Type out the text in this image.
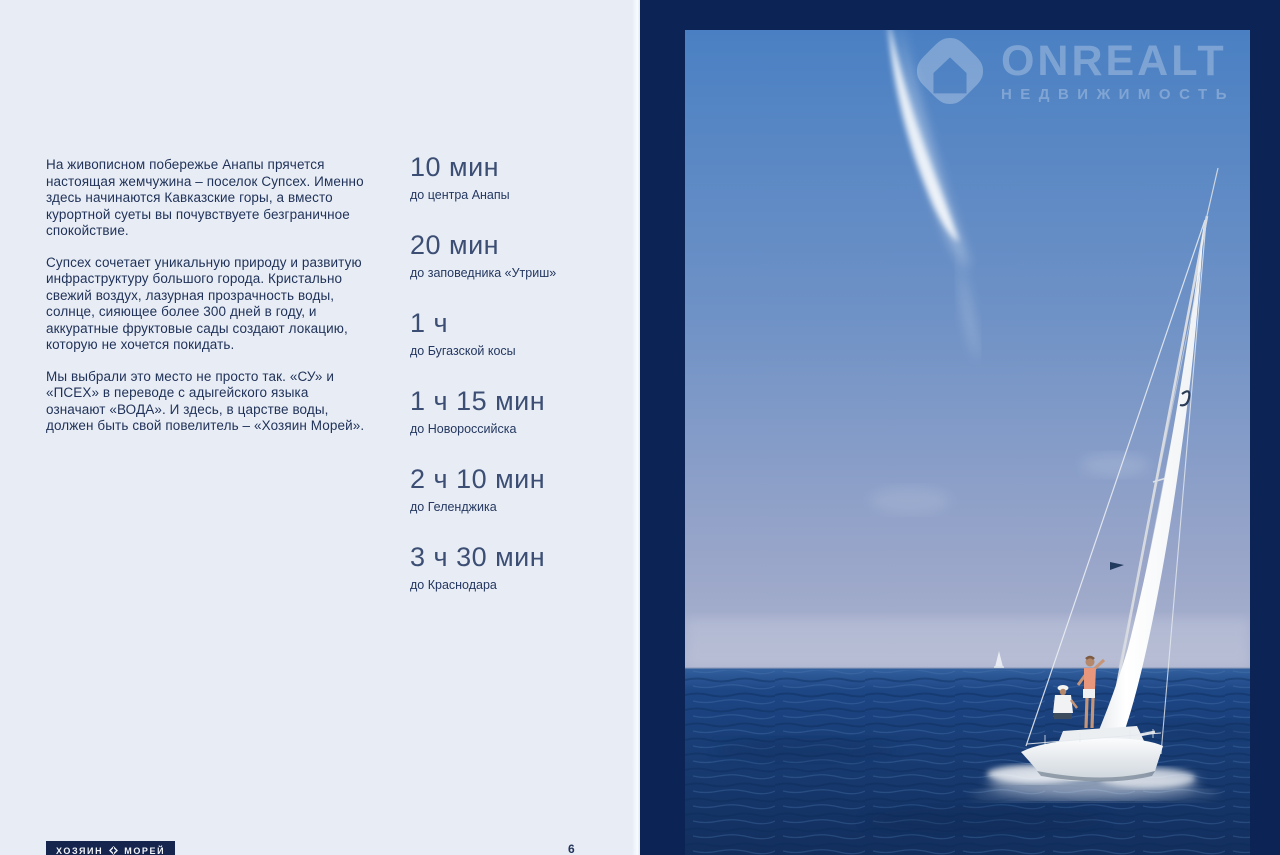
На живописном побережье Анапы прячется настоящая жемчужина – поселок Супсех. Именно здесь начинаются Кавказские горы, а вместо курортной суеты вы почувствуете безграничное спокойствие.

Супсех сочетает уникальную природу и развитую инфраструктуру большого города. Кристально свежий воздух, лазурная прозрачность воды, солнце, сияющее более 300 дней в году, и аккуратные фруктовые сады создают локацию, которую не хочется покидать.

Мы выбрали это место не просто так. «СУ» и «ПСЕХ» в переводе с адыгейского языка означают «ВОДА». И здесь, в царстве воды, должен быть свой повелитель – «Хозяин Морей».

10 мин
до центра Анапы
20 мин
до заповедника «Утриш»
1 ч
до Бугазской косы
1 ч 15 мин
до Новороссийска
2 ч 10 мин
до Геленджика
3 ч 30 мин
до Краснодара
ХОЗЯИН МОРЕЙ	6
ONREALT
НЕДВИЖИМОСТЬ
